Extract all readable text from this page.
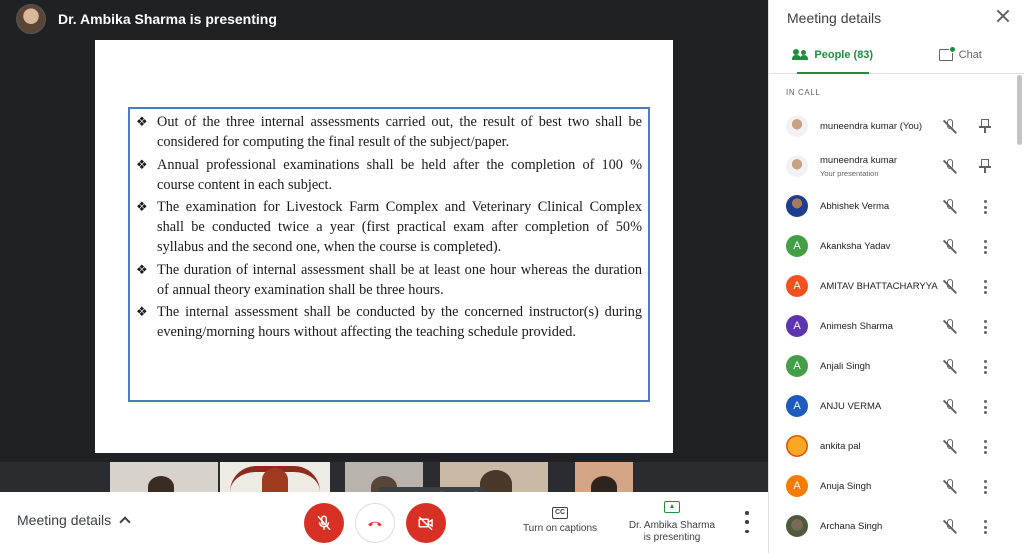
Dr. Ambika Sharma is presenting
❖ Out of the three internal assessments carried out, the result of best two shall be considered for computing the final result of the subject/paper.
❖ Annual professional examinations shall be held after the completion of 100 % course content in each subject.
❖ The examination for Livestock Farm Complex and Veterinary Clinical Complex shall be conducted twice a year (first practical exam after completion of 50% syllabus and the second one, when the course is completed).
❖ The duration of internal assessment shall be at least one hour whereas the duration of annual theory examination shall be three hours.
❖ The internal assessment shall be conducted by the concerned instructor(s) during evening/morning hours without affecting the teaching schedule provided.
Meeting details	CC
Turn on captions	Dr. Ambika Sharma
is presenting
Meeting details
People (83)	Chat
IN CALL
muneendra kumar (You)
muneendra kumar
Your presentation
Abhishek Verma
A	Akanksha Yadav
A	AMITAV BHATTACHARYYA
A	Animesh Sharma
A	Anjali Singh
A	ANJU VERMA
ankita pal
A	Anuja Singh
Archana Singh
